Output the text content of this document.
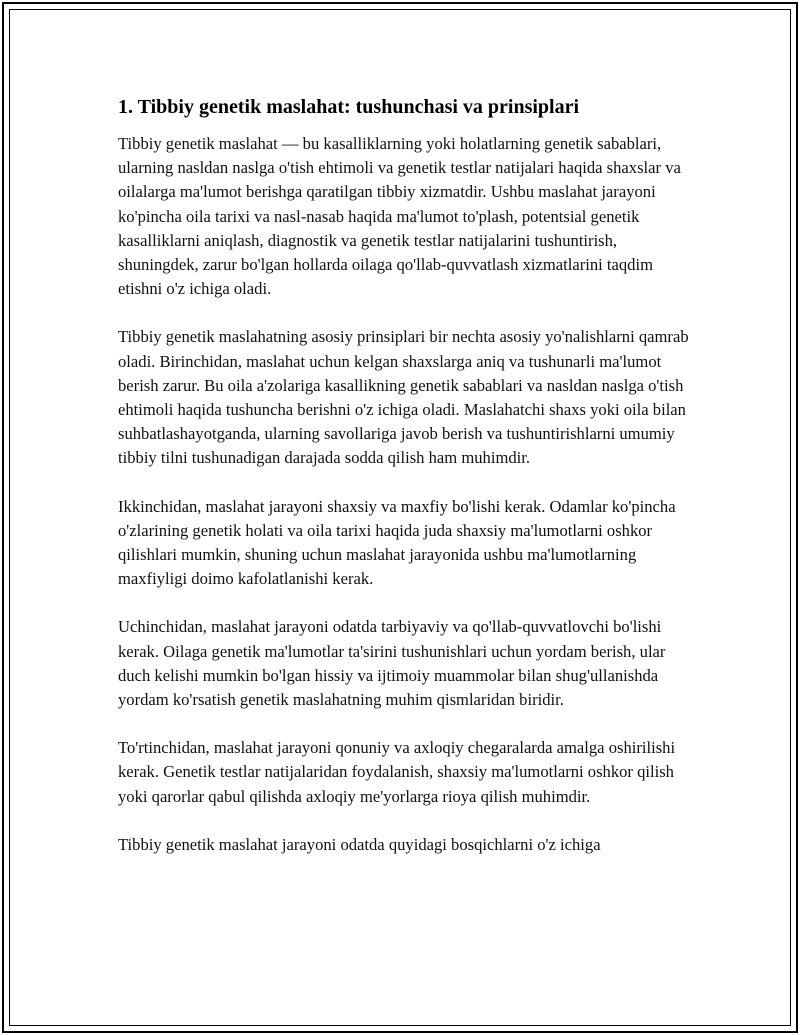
1. Tibbiy genetik maslahat: tushunchasi va prinsiplari

Tibbiy genetik maslahat — bu kasalliklarning yoki holatlarning genetik sabablari, ularning nasldan naslga o'tish ehtimoli va genetik testlar natijalari haqida shaxslar va oilalarga ma'lumot berishga qaratilgan tibbiy xizmatdir. Ushbu maslahat jarayoni ko'pincha oila tarixi va nasl-nasab haqida ma'lumot to'plash, potentsial genetik kasalliklarni aniqlash, diagnostik va genetik testlar natijalarini tushuntirish, shuningdek, zarur bo'lgan hollarda oilaga qo'llab-quvvatlash xizmatlarini taqdim etishni o'z ichiga oladi.

Tibbiy genetik maslahatning asosiy prinsiplari bir nechta asosiy yo'nalishlarni qamrab oladi. Birinchidan, maslahat uchun kelgan shaxslarga aniq va tushunarli ma'lumot berish zarur. Bu oila a'zolariga kasallikning genetik sabablari va nasldan naslga o'tish ehtimoli haqida tushuncha berishni o'z ichiga oladi. Maslahatchi shaxs yoki oila bilan suhbatlashayotganda, ularning savollariga javob berish va tushuntirishlarni umumiy tibbiy tilni tushunadigan darajada sodda qilish ham muhimdir.

Ikkinchidan, maslahat jarayoni shaxsiy va maxfiy bo'lishi kerak. Odamlar ko'pincha o'zlarining genetik holati va oila tarixi haqida juda shaxsiy ma'lumotlarni oshkor qilishlari mumkin, shuning uchun maslahat jarayonida ushbu ma'lumotlarning maxfiyligi doimo kafolatlanishi kerak.

Uchinchidan, maslahat jarayoni odatda tarbiyaviy va qo'llab-quvvatlovchi bo'lishi kerak. Oilaga genetik ma'lumotlar ta'sirini tushunishlari uchun yordam berish, ular duch kelishi mumkin bo'lgan hissiy va ijtimoiy muammolar bilan shug'ullanishda yordam ko'rsatish genetik maslahatning muhim qismlaridan biridir.

To'rtinchidan, maslahat jarayoni qonuniy va axloqiy chegaralarda amalga oshirilishi kerak. Genetik testlar natijalaridan foydalanish, shaxsiy ma'lumotlarni oshkor qilish yoki qarorlar qabul qilishda axloqiy me'yorlarga rioya qilish muhimdir.

Tibbiy genetik maslahat jarayoni odatda quyidagi bosqichlarni o'z ichiga
